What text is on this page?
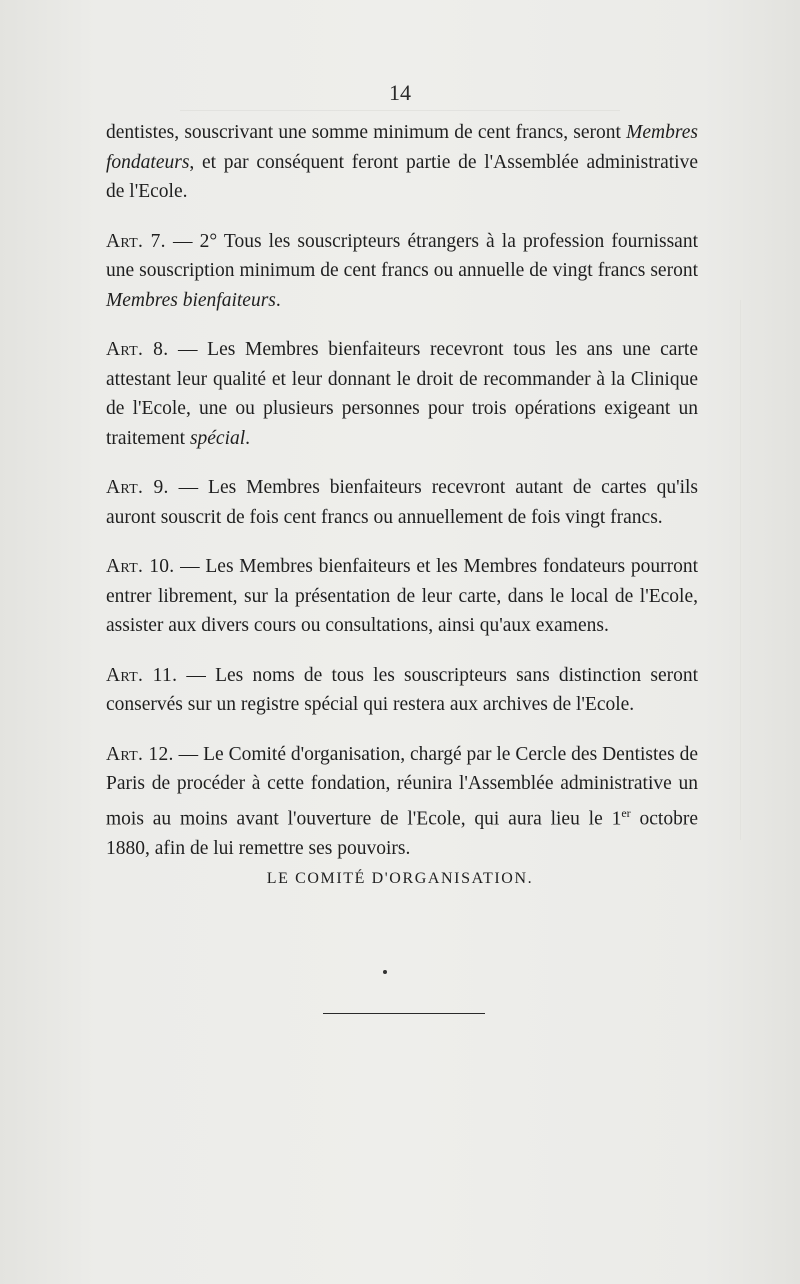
14

dentistes, souscrivant une somme minimum de cent francs, seront Membres fondateurs, et par conséquent feront partie de l'Assemblée administrative de l'Ecole.

Art. 7. — 2° Tous les souscripteurs étrangers à la profession fournissant une souscription minimum de cent francs ou annuelle de vingt francs seront Membres bienfaiteurs.

Art. 8. — Les Membres bienfaiteurs recevront tous les ans une carte attestant leur qualité et leur donnant le droit de recommander à la Clinique de l'Ecole, une ou plusieurs personnes pour trois opérations exigeant un traitement spécial.

Art. 9. — Les Membres bienfaiteurs recevront autant de cartes qu'ils auront souscrit de fois cent francs ou annuellement de fois vingt francs.

Art. 10. — Les Membres bienfaiteurs et les Membres fondateurs pourront entrer librement, sur la présentation de leur carte, dans le local de l'Ecole, assister aux divers cours ou consultations, ainsi qu'aux examens.

Art. 11. — Les noms de tous les souscripteurs sans distinction seront conservés sur un registre spécial qui restera aux archives de l'Ecole.

Art. 12. — Le Comité d'organisation, chargé par le Cercle des Dentistes de Paris de procéder à cette fondation, réunira l'Assemblée administrative un mois au moins avant l'ouverture de l'Ecole, qui aura lieu le 1er octobre 1880, afin de lui remettre ses pouvoirs.

LE COMITÉ D'ORGANISATION.
